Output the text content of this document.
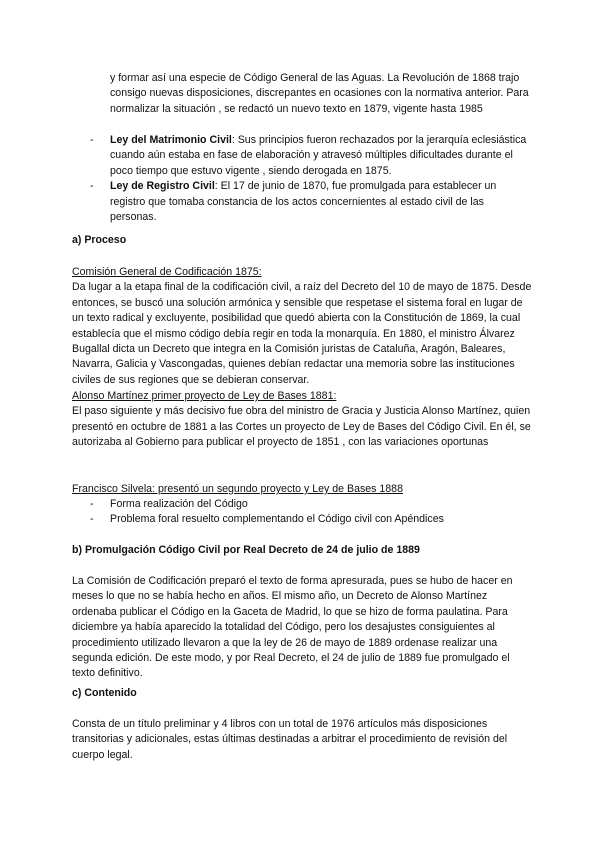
y formar así una especie de Código General de las Aguas. La Revolución de 1868 trajo consigo nuevas disposiciones, discrepantes en ocasiones con la normativa anterior. Para normalizar la situación , se redactó un nuevo texto en 1879, vigente hasta 1985

- Ley del Matrimonio Civil: Sus principios fueron rechazados por la jerarquía eclesiástica cuando aún estaba en fase de elaboración y atravesó múltiples dificultades durante el poco tiempo que estuvo vigente , siendo derogada en 1875.
- Ley de Registro Civil: El 17 de junio de 1870, fue promulgada para establecer un registro que tomaba constancia de los actos concernientes al estado civil de las personas.

a) Proceso

Comisión General de Codificación 1875:
Da lugar a la etapa final de la codificación civil, a raíz del Decreto del 10 de mayo de 1875. Desde entonces, se buscó una solución armónica y sensible que respetase el sistema foral en lugar de un texto radical y excluyente, posibilidad que quedó abierta con la Constitución de 1869, la cual establecía que el mismo código debía regir en toda la monarquía. En 1880, el ministro Álvarez Bugallal dicta un Decreto que integra en la Comisión juristas de Cataluña, Aragón, Baleares, Navarra, Galicia y Vascongadas, quienes debían redactar una memoria sobre las instituciones civiles de sus regiones que se debieran conservar.
Alonso Martínez primer proyecto de Ley de Bases 1881:
El paso siguiente y más decisivo fue obra del ministro de Gracia y Justicia Alonso Martínez, quien presentó en octubre de 1881 a las Cortes un proyecto de Ley de Bases del Código Civil. En él, se autorizaba al Gobierno para publicar el proyecto de 1851 , con las variaciones oportunas
Francisco Silvela: presentó un segundo proyecto y Ley de Bases 1888
- Forma realización del Código
- Problema foral resuelto complementando el Código civil con Apéndices

b) Promulgación Código Civil por Real Decreto de 24 de julio de 1889

La Comisión de Codificación preparó el texto de forma apresurada, pues se hubo de hacer en meses lo que no se había hecho en años. El mismo año, un Decreto de Alonso Martínez ordenaba publicar el Código en la Gaceta de Madrid, lo que se hizo de forma paulatina. Para diciembre ya había aparecido la totalidad del Código, pero los desajustes consiguientes al procedimiento utilizado llevaron a que la ley de 26 de mayo de 1889 ordenase realizar una segunda edición. De este modo, y por Real Decreto, el 24 de julio de 1889 fue promulgado el texto definitivo.

c) Contenido

Consta de un título preliminar y 4 libros con un total de 1976 artículos más disposiciones transitorias y adicionales, estas últimas destinadas a arbitrar el procedimiento de revisión del cuerpo legal.
